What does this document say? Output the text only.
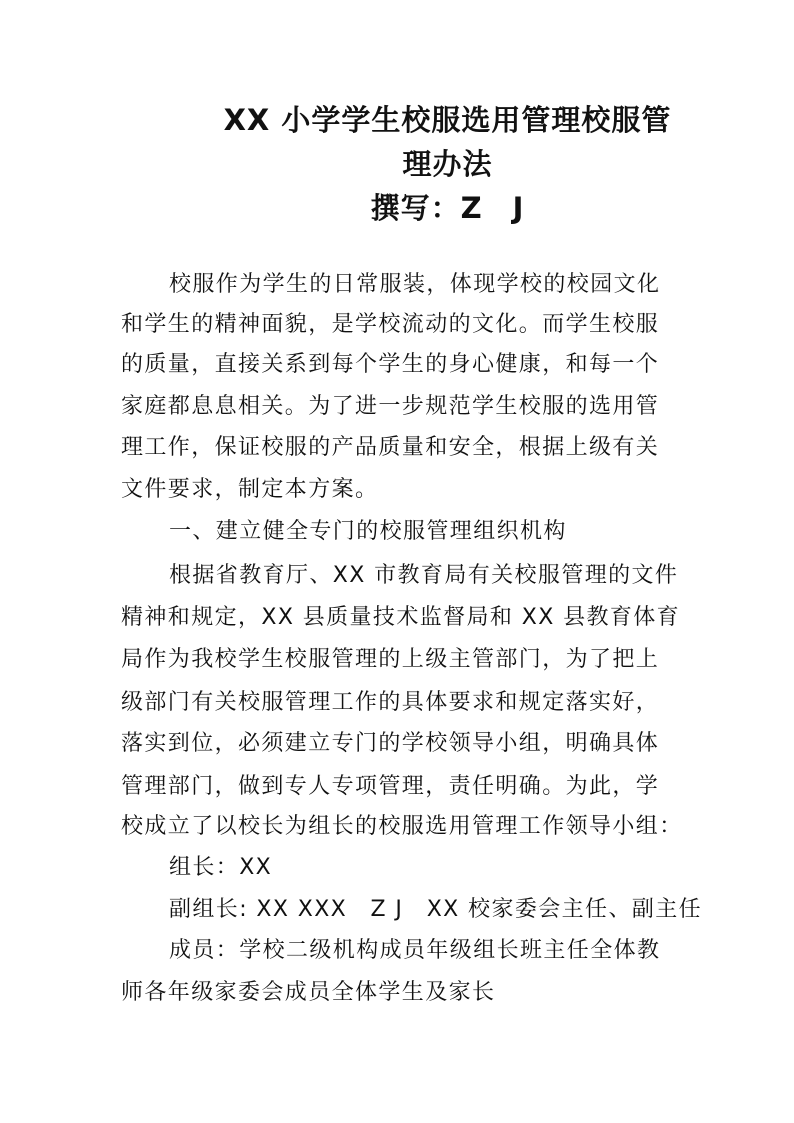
XX 小学学生校服选用管理校服管
理办法
撰写：Z　J
校服作为学生的日常服装，体现学校的校园文化
和学生的精神面貌，是学校流动的文化。而学生校服
的质量，直接关系到每个学生的身心健康，和每一个
家庭都息息相关。为了进一步规范学生校服的选用管
理工作，保证校服的产品质量和安全，根据上级有关
文件要求，制定本方案。
一、建立健全专门的校服管理组织机构
根据省教育厅、XX 市教育局有关校服管理的文件
精神和规定，XX 县质量技术监督局和 XX 县教育体育
局作为我校学生校服管理的上级主管部门，为了把上
级部门有关校服管理工作的具体要求和规定落实好，
落实到位，必须建立专门的学校领导小组，明确具体
管理部门，做到专人专项管理，责任明确。为此，学
校成立了以校长为组长的校服选用管理工作领导小组：
组长：XX
副组长: XX XXX　Z J　XX 校家委会主任、副主任
成员：学校二级机构成员年级组长班主任全体教
师各年级家委会成员全体学生及家长
